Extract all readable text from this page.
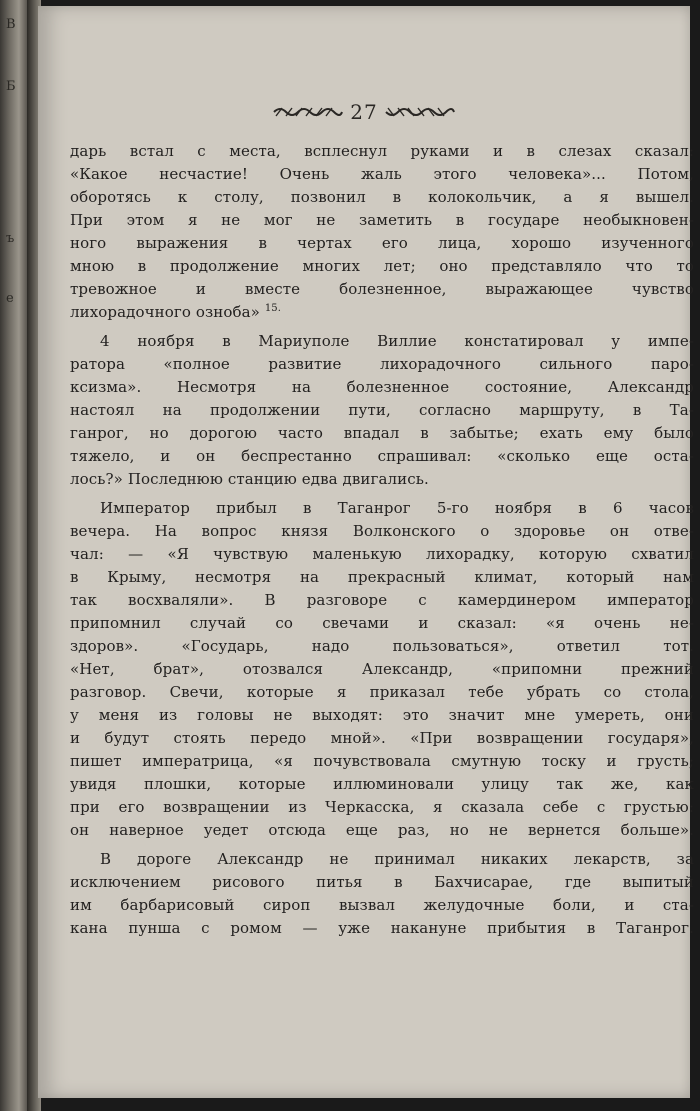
В
Б
ъ
е
27
дарь встал с места, всплеснул руками и в слезах сказал:
«Какое несчастие! Очень жаль этого человека»... Потом,
оборотясь к столу, позвонил в колокольчик, а я вышел.
При этом я не мог не заметить в государе необыкновен-
ного выражения в чертах его лица, хорошо изученного
мною в продолжение многих лет; оно представляло что то
тревожное и вместе болезненное, выражающее чувство
лихорадочного озноба» $^{15.}$
4 ноября в Мариуполе Виллие констатировал у импе-
ратора «полное развитие лихорадочного сильного паро-
ксизма». Несмотря на болезненное состояние, Александр
настоял на продолжении пути, согласно маршруту, в Та-
ганрог, но дорогою часто впадал в забытье; ехать ему было
тяжело, и он беспрестанно спрашивал: «сколько еще оста-
лось?» Последнюю станцию едва двигались.
Император прибыл в Таганрог 5-го ноября в 6 часов
вечера. На вопрос князя Волконского о здоровье он отве-
чал: — «Я чувствую маленькую лихорадку, которую схватил
в Крыму, несмотря на прекрасный климат, который нам
так восхваляли». В разговоре с камердинером император
припомнил случай со свечами и сказал: «я очень не-
здоров». «Государь, надо пользоваться», ответил тот.
«Нет, брат», отозвался Александр, «припомни прежний
разговор. Свечи, которые я приказал тебе убрать со стола,
у меня из головы не выходят: это значит мне умереть, они
и будут стоять передо мной». «При возвращении государя»,
пишет императрица, «я почувствовала смутную тоску и грусть;
увидя плошки, которые иллюминовали улицу так же, как
при его возвращении из Черкасска, я сказала себе с грустью:
он наверное уедет отсюда еще раз, но не вернется больше».
В дороге Александр не принимал никаких лекарств, за
исключением рисового питья в Бахчисарае, где выпитый
им барбарисовый сироп вызвал желудочные боли, и ста-
кана пунша с ромом — уже накануне прибытия в Таганрог.
